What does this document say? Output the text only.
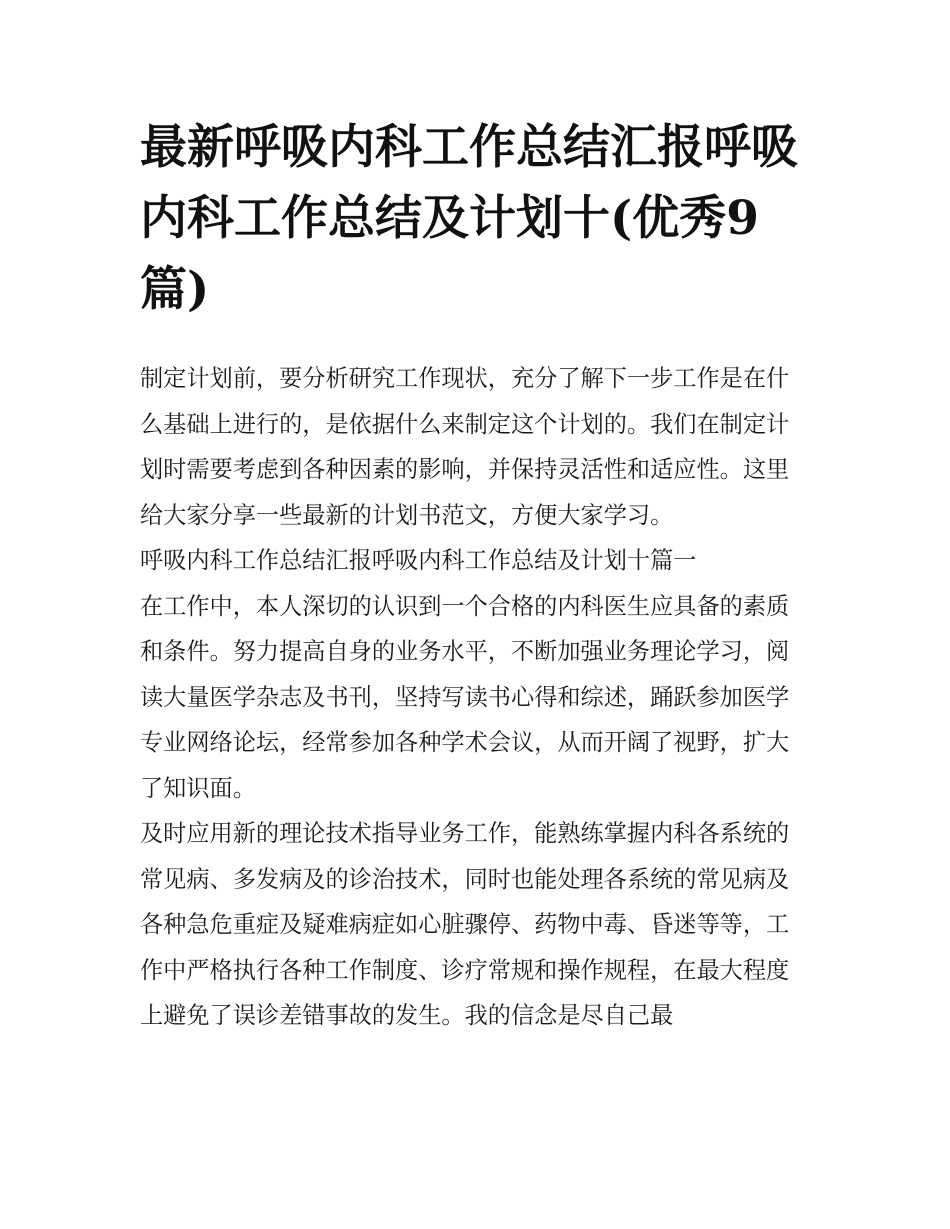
最新呼吸内科工作总结汇报呼吸内科工作总结及计划十(优秀9篇)

制定计划前，要分析研究工作现状，充分了解下一步工作是在什么基础上进行的，是依据什么来制定这个计划的。我们在制定计划时需要考虑到各种因素的影响，并保持灵活性和适应性。这里给大家分享一些最新的计划书范文，方便大家学习。

呼吸内科工作总结汇报呼吸内科工作总结及计划十篇一

在工作中，本人深切的认识到一个合格的内科医生应具备的素质和条件。努力提高自身的业务水平，不断加强业务理论学习，阅读大量医学杂志及书刊，坚持写读书心得和综述，踊跃参加医学专业网络论坛，经常参加各种学术会议，从而开阔了视野，扩大了知识面。

及时应用新的理论技术指导业务工作，能熟练掌握内科各系统的常见病、多发病及的诊治技术，同时也能处理各系统的常见病及各种急危重症及疑难病症如心脏骤停、药物中毒、昏迷等等，工作中严格执行各种工作制度、诊疗常规和操作规程，在最大程度上避免了误诊差错事故的发生。我的信念是尽自己最
